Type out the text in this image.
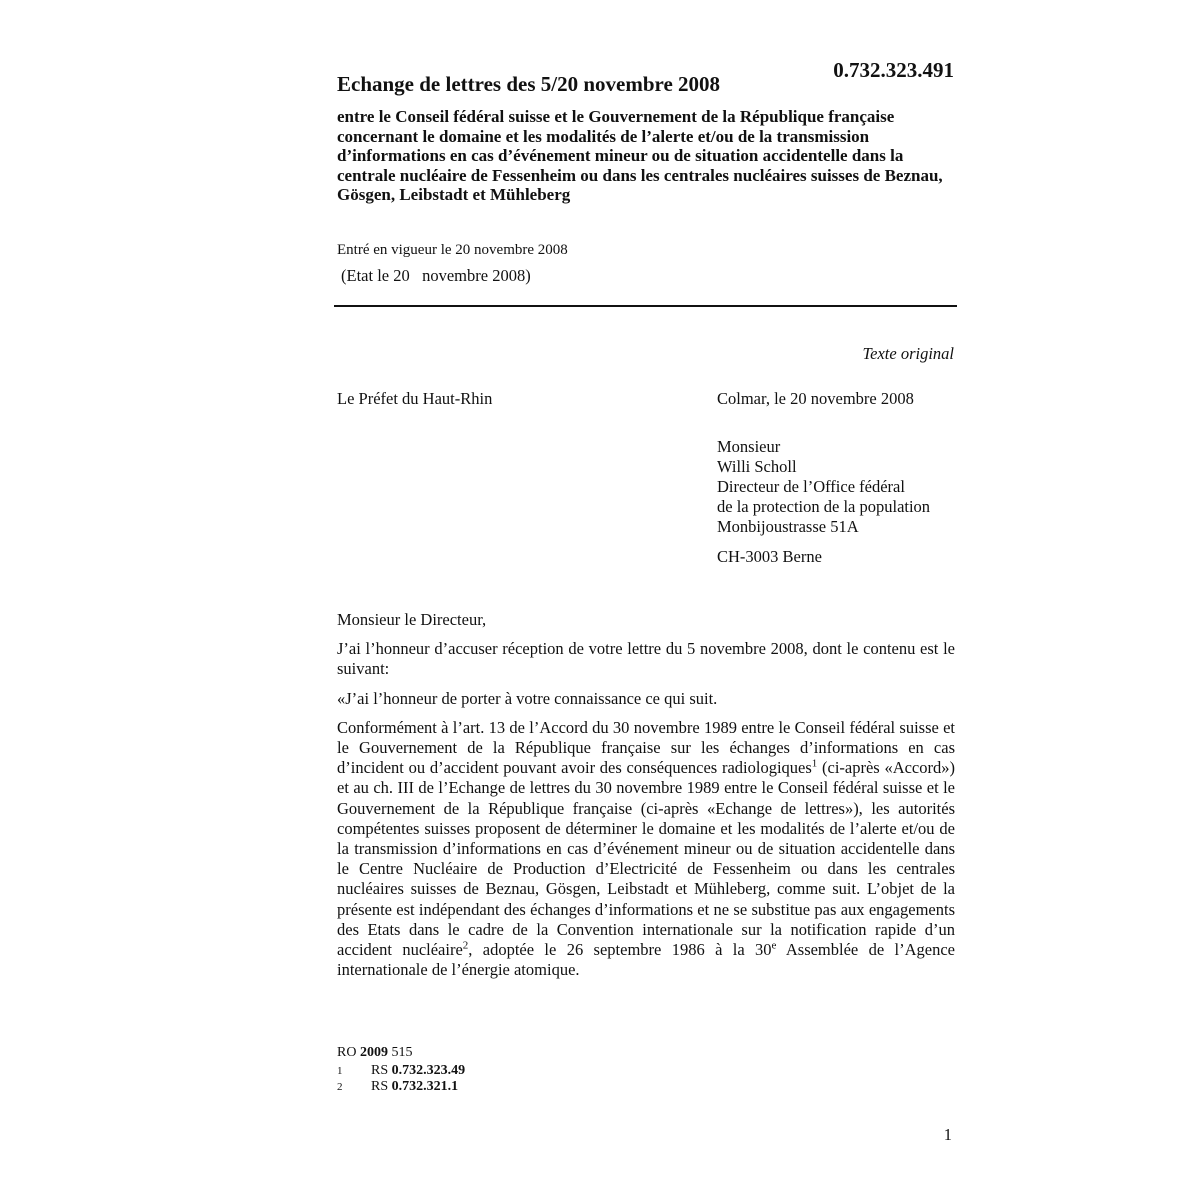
0.732.323.491

Echange de lettres des 5/20 novembre 2008
entre le Conseil fédéral suisse et le Gouvernement de la République française concernant le domaine et les modalités de l’alerte et/ou de la transmission d’informations en cas d’événement mineur ou de situation accidentelle dans la centrale nucléaire de Fessenheim ou dans les centrales nucléaires suisses de Beznau, Gösgen, Leibstadt et Mühleberg

Entré en vigueur le 20 novembre 2008

(Etat le 20   novembre 2008)

Texte original

Le Préfet du Haut-Rhin	Colmar, le 20 novembre 2008

Monsieur
Willi Scholl
Directeur de l’Office fédéral
de la protection de la population
Monbijoustrasse 51A

CH-3003 Berne

Monsieur le Directeur,

J’ai l’honneur d’accuser réception de votre lettre du 5 novembre 2008, dont le contenu est le suivant:

«J’ai l’honneur de porter à votre connaissance ce qui suit.

Conformément à l’art. 13 de l’Accord du 30 novembre 1989 entre le Conseil fédéral suisse et le Gouvernement de la République française sur les échanges d’informations en cas d’incident ou d’accident pouvant avoir des conséquences radiologiques$^1$ (ci-après «Accord») et au ch. III de l’Echange de lettres du 30 novembre 1989 entre le Conseil fédéral suisse et le Gouvernement de la République française (ci-après «Echange de lettres»), les autorités compétentes suisses proposent de déterminer le domaine et les modalités de l’alerte et/ou de la transmission d’informations en cas d’événement mineur ou de situation accidentelle dans le Centre Nucléaire de Production d’Electricité de Fessenheim ou dans les centrales nucléaires suisses de Beznau, Gösgen, Leibstadt et Mühleberg, comme suit. L’objet de la présente est indépendant des échanges d’informations et ne se substitue pas aux engagements des Etats dans le cadre de la Convention internationale sur la notification rapide d’un accident nucléaire$^2$, adoptée le 26 septembre 1986 à la 30e Assemblée de l’Agence internationale de l’énergie atomique.

RO 2009 515

1	RS 0.732.323.49

2	RS 0.732.321.1

1
